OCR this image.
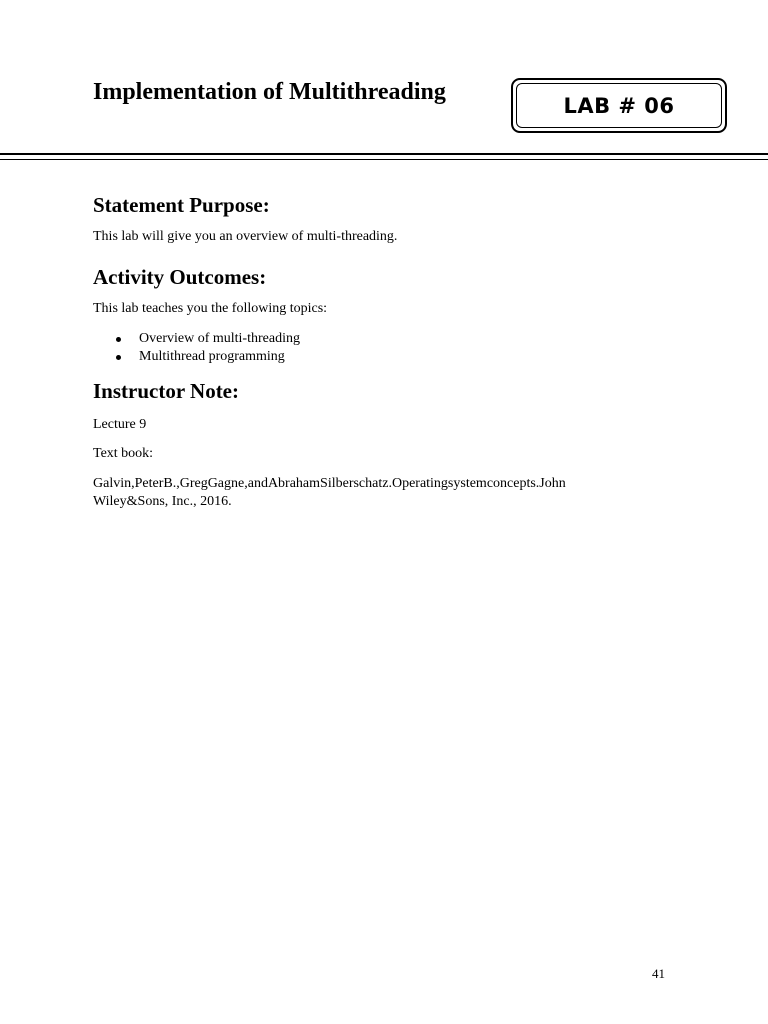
Implementation of Multithreading
LAB # 06
Statement Purpose:

This lab will give you an overview of multi-threading.

Activity Outcomes:

This lab teaches you the following topics:

Overview of multi-threading
Multithread programming
Instructor Note:

Lecture 9

Text book:

Galvin,PeterB.,GregGagne,andAbrahamSilberschatz.Operatingsystemconcepts.John

Wiley&Sons, Inc., 2016.

41
